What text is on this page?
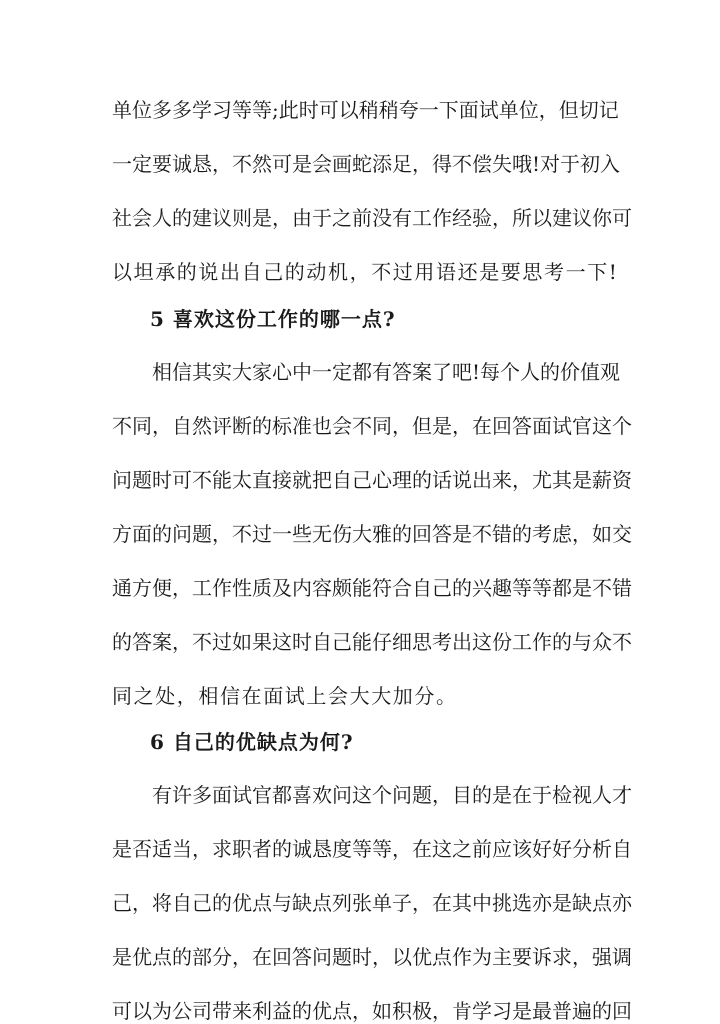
单位多多学习等等;此时可以稍稍夸一下面试单位，但切记
一定要诚恳，不然可是会画蛇添足，得不偿失哦!对于初入
社会人的建议则是，由于之前没有工作经验，所以建议你可
以坦承的说出自己的动机，不过用语还是要思考一下!
5 喜欢这份工作的哪一点?
相信其实大家心中一定都有答案了吧!每个人的价值观
不同，自然评断的标准也会不同，但是，在回答面试官这个
问题时可不能太直接就把自己心理的话说出来，尤其是薪资
方面的问题，不过一些无伤大雅的回答是不错的考虑，如交
通方便，工作性质及内容颇能符合自己的兴趣等等都是不错
的答案，不过如果这时自己能仔细思考出这份工作的与众不
同之处，相信在面试上会大大加分。
6 自己的优缺点为何?
有许多面试官都喜欢问这个问题，目的是在于检视人才
是否适当，求职者的诚恳度等等，在这之前应该好好分析自
己，将自己的优点与缺点列张单子，在其中挑选亦是缺点亦
是优点的部分，在回答问题时，以优点作为主要诉求，强调
可以为公司带来利益的优点，如积极，肯学习是最普遍的回
